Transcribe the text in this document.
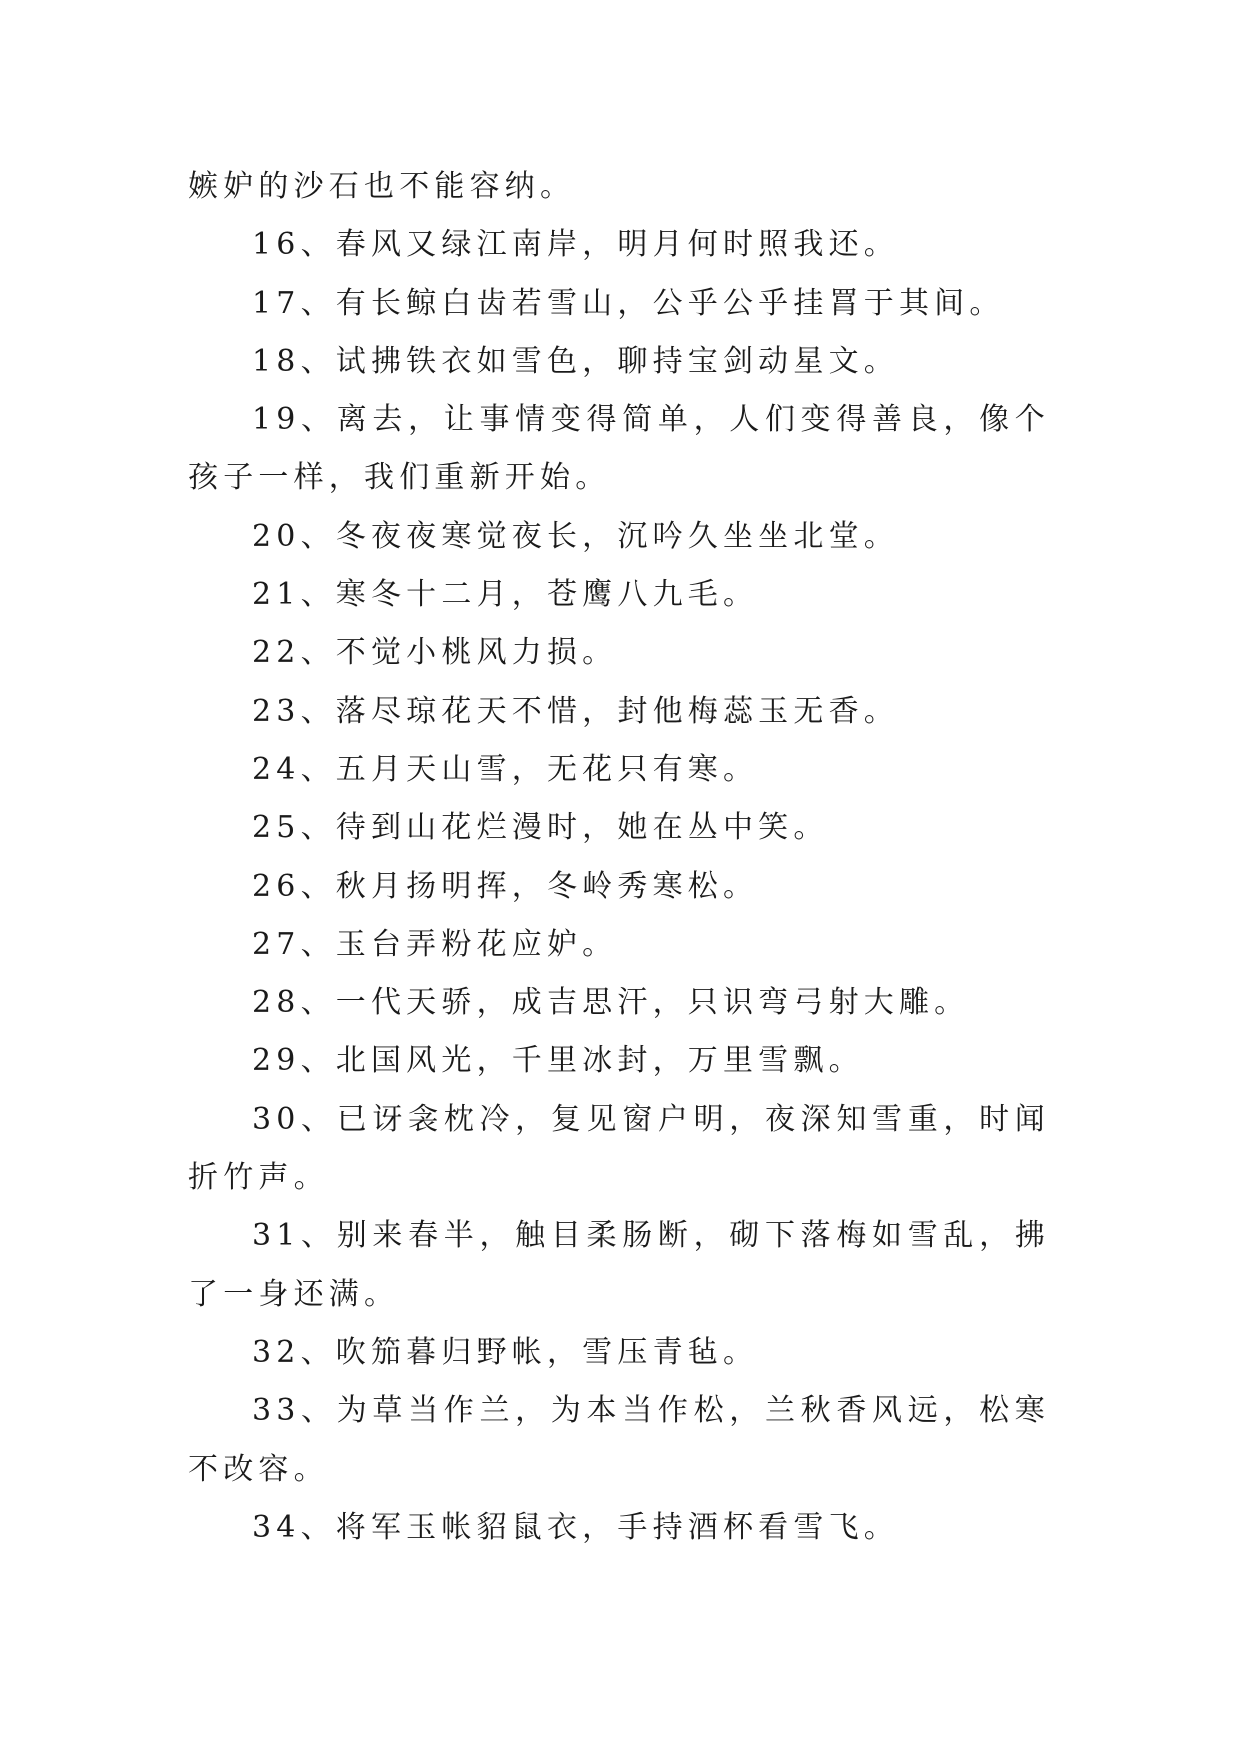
嫉妒的沙石也不能容纳。

16、春风又绿江南岸，明月何时照我还。

17、有长鲸白齿若雪山，公乎公乎挂罥于其间。

18、试拂铁衣如雪色，聊持宝剑动星文。

19、离去，让事情变得简单，人们变得善良，像个孩子一样，我们重新开始。

20、冬夜夜寒觉夜长，沉吟久坐坐北堂。

21、寒冬十二月，苍鹰八九毛。

22、不觉小桃风力损。

23、落尽琼花天不惜，封他梅蕊玉无香。

24、五月天山雪，无花只有寒。

25、待到山花烂漫时，她在丛中笑。

26、秋月扬明挥，冬岭秀寒松。

27、玉台弄粉花应妒。

28、一代天骄，成吉思汗，只识弯弓射大雕。

29、北国风光，千里冰封，万里雪飘。

30、已讶衾枕冷，复见窗户明，夜深知雪重，时闻折竹声。

31、别来春半，触目柔肠断，砌下落梅如雪乱，拂了一身还满。

32、吹笳暮归野帐，雪压青毡。

33、为草当作兰，为本当作松，兰秋香风远，松寒不改容。

34、将军玉帐貂鼠衣，手持酒杯看雪飞。
